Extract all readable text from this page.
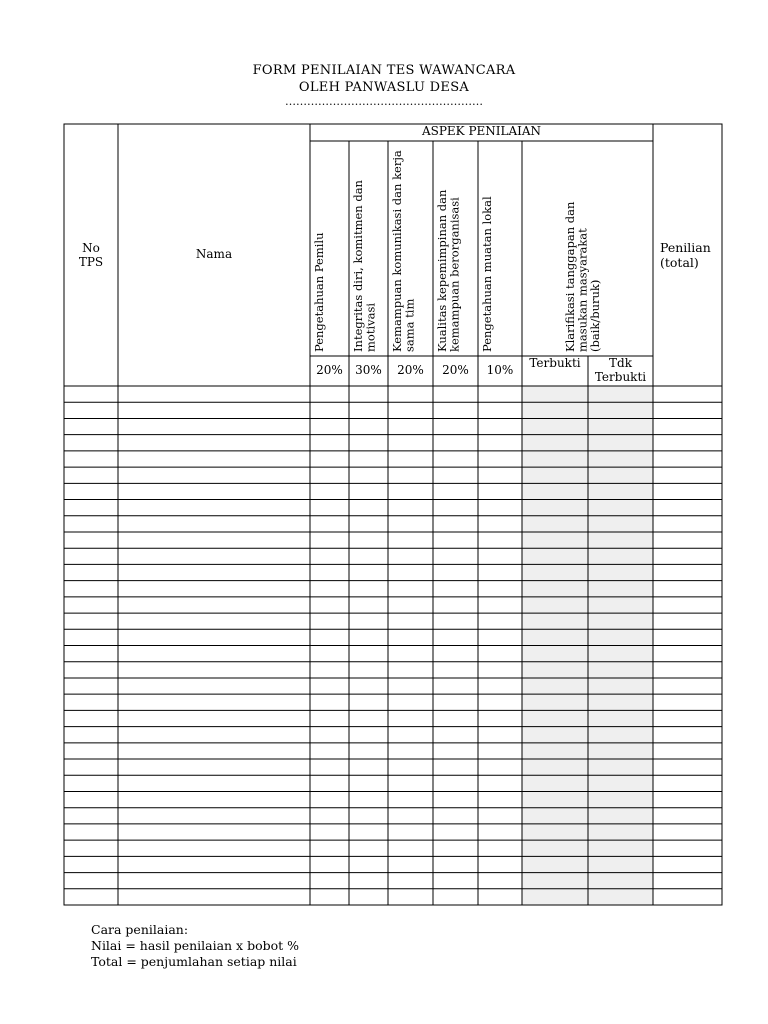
FORM PENILAIAN TES WAWANCARA
OLEH PANWASLU DESA
………………………………………………
No
TPS
Nama
ASPEK PENILAIAN
Penilian
(total)
Pengetahuan Pemilu
20%
Integritas diri, komitmen dan
motivasi
30%
Kemampuan komunikasi dan kerja
sama tim
20%
Kualitas kepemimpinan dan
kemampuan berorganisasi
20%
Pengetahuan muatan lokal
10%
Klarifikasi tanggapan dan
masukan masyarakat
(baik/buruk)
Terbukti Tdk
Terbukti
Cara penilaian:
Nilai = hasil penilaian x bobot %
Total = penjumlahan setiap nilai
